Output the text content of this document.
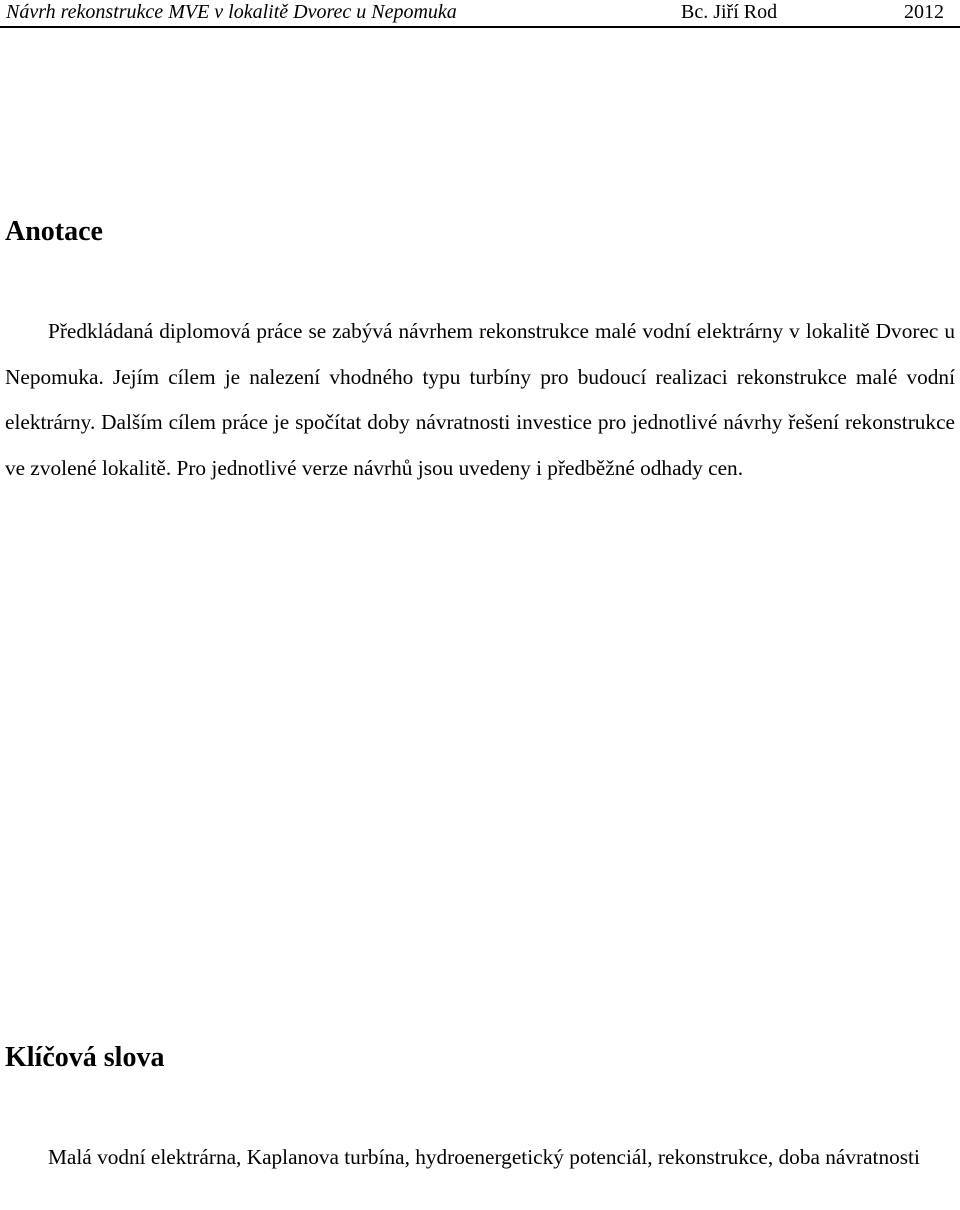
Návrh rekonstrukce MVE v lokalitě Dvorec u Nepomuka	Bc. Jiří Rod	2012
Anotace

Předkládaná diplomová práce se zabývá návrhem rekonstrukce malé vodní elektrárny v lokalitě Dvorec u Nepomuka. Jejím cílem je nalezení vhodného typu turbíny pro budoucí realizaci rekonstrukce malé vodní elektrárny. Dalším cílem práce je spočítat doby návratnosti investice pro jednotlivé návrhy řešení rekonstrukce ve zvolené lokalitě. Pro jednotlivé verze návrhů jsou uvedeny i předběžné odhady cen.

Klíčová slova

Malá vodní elektrárna, Kaplanova turbína, hydroenergetický potenciál, rekonstrukce, doba návratnosti
